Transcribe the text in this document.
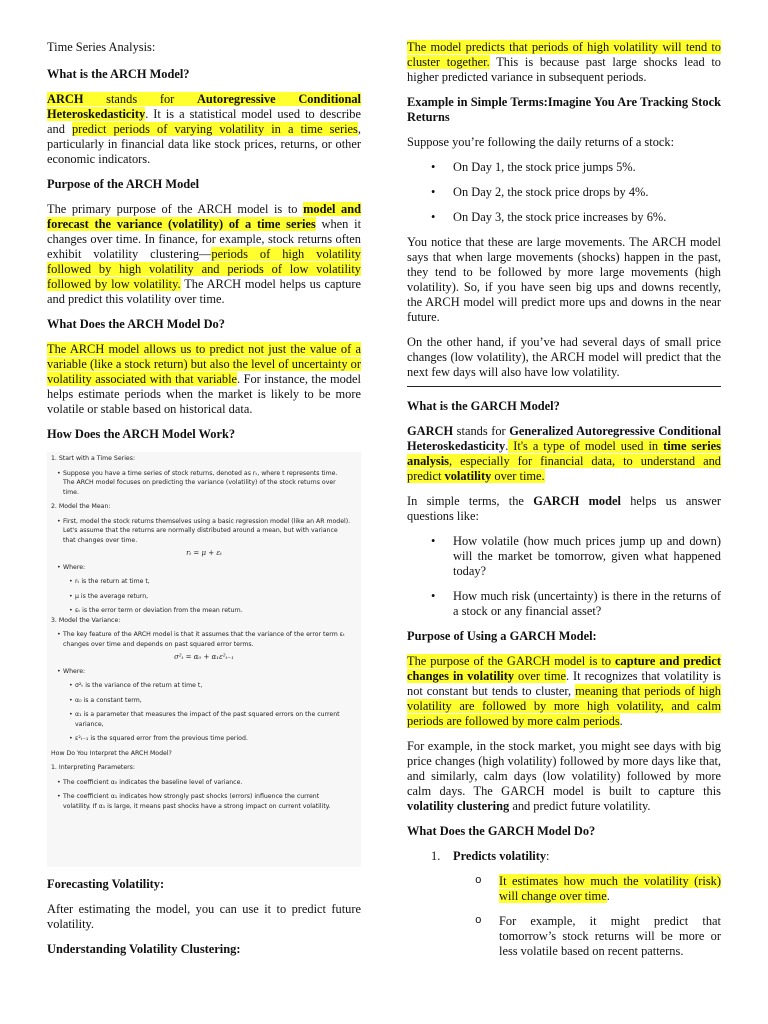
Time Series Analysis:

What is the ARCH Model?

ARCH stands for Autoregressive Conditional Heteroskedasticity. It is a statistical model used to describe and predict periods of varying volatility in a time series, particularly in financial data like stock prices, returns, or other economic indicators.

Purpose of the ARCH Model

The primary purpose of the ARCH model is to model and forecast the variance (volatility) of a time series when it changes over time. In finance, for example, stock returns often exhibit volatility clustering—periods of high volatility followed by high volatility and periods of low volatility followed by low volatility. The ARCH model helps us capture and predict this volatility over time.

What Does the ARCH Model Do?

The ARCH model allows us to predict not just the value of a variable (like a stock return) but also the level of uncertainty or volatility associated with that variable. For instance, the model helps estimate periods when the market is likely to be more volatile or stable based on historical data.

How Does the ARCH Model Work?
1. Start with a Time Series:
• Suppose you have a time series of stock returns, denoted as rₜ, where t represents time.
The ARCH model focuses on predicting the variance (volatility) of the stock returns over
time.
2. Model the Mean:
• First, model the stock returns themselves using a basic regression model (like an AR model).
Let's assume that the returns are normally distributed around a mean, but with variance
that changes over time.
rₜ = μ + εₜ
• Where:
• rₜ is the return at time t,
• μ is the average return,
• εₜ is the error term or deviation from the mean return.
3. Model the Variance:
• The key feature of the ARCH model is that it assumes that the variance of the error term εₜ
changes over time and depends on past squared error terms.
σ²ₜ = α₀ + α₁ε²ₜ₋₁
• Where:
• σ²ₜ is the variance of the return at time t,
• α₀ is a constant term,
• α₁ is a parameter that measures the impact of the past squared errors on the current
variance,
• ε²ₜ₋₁ is the squared error from the previous time period.
How Do You Interpret the ARCH Model?
1. Interpreting Parameters:
• The coefficient α₀ indicates the baseline level of variance.
• The coefficient α₁ indicates how strongly past shocks (errors) influence the current
volatility. If α₁ is large, it means past shocks have a strong impact on current volatility.
Forecasting Volatility:

After estimating the model, you can use it to predict future volatility.

Understanding Volatility Clustering:

The model predicts that periods of high volatility will tend to cluster together. This is because past large shocks lead to higher predicted variance in subsequent periods.

Example in Simple Terms:Imagine You Are Tracking Stock Returns

Suppose you’re following the daily returns of a stock:

• On Day 1, the stock price jumps 5%.
• On Day 2, the stock price drops by 4%.
• On Day 3, the stock price increases by 6%.

You notice that these are large movements. The ARCH model says that when large movements (shocks) happen in the past, they tend to be followed by more large movements (high volatility). So, if you have seen big ups and downs recently, the ARCH model will predict more ups and downs in the near future.

On the other hand, if you’ve had several days of small price changes (low volatility), the ARCH model will predict that the next few days will also have low volatility.

What is the GARCH Model?

GARCH stands for Generalized Autoregressive Conditional Heteroskedasticity. It's a type of model used in time series analysis, especially for financial data, to understand and predict volatility over time.

In simple terms, the GARCH model helps us answer questions like:

• How volatile (how much prices jump up and down) will the market be tomorrow, given what happened today?
• How much risk (uncertainty) is there in the returns of a stock or any financial asset?
Purpose of Using a GARCH Model:

The purpose of the GARCH model is to capture and predict changes in volatility over time. It recognizes that volatility is not constant but tends to cluster, meaning that periods of high volatility are followed by more high volatility, and calm periods are followed by more calm periods.

For example, in the stock market, you might see days with big price changes (high volatility) followed by more days like that, and similarly, calm days (low volatility) followed by more calm days. The GARCH model is built to capture this volatility clustering and predict future volatility.

What Does the GARCH Model Do?
1. Predicts volatility:
o It estimates how much the volatility (risk) will change over time.
o For example, it might predict that tomorrow’s stock returns will be more or less volatile based on recent patterns.
